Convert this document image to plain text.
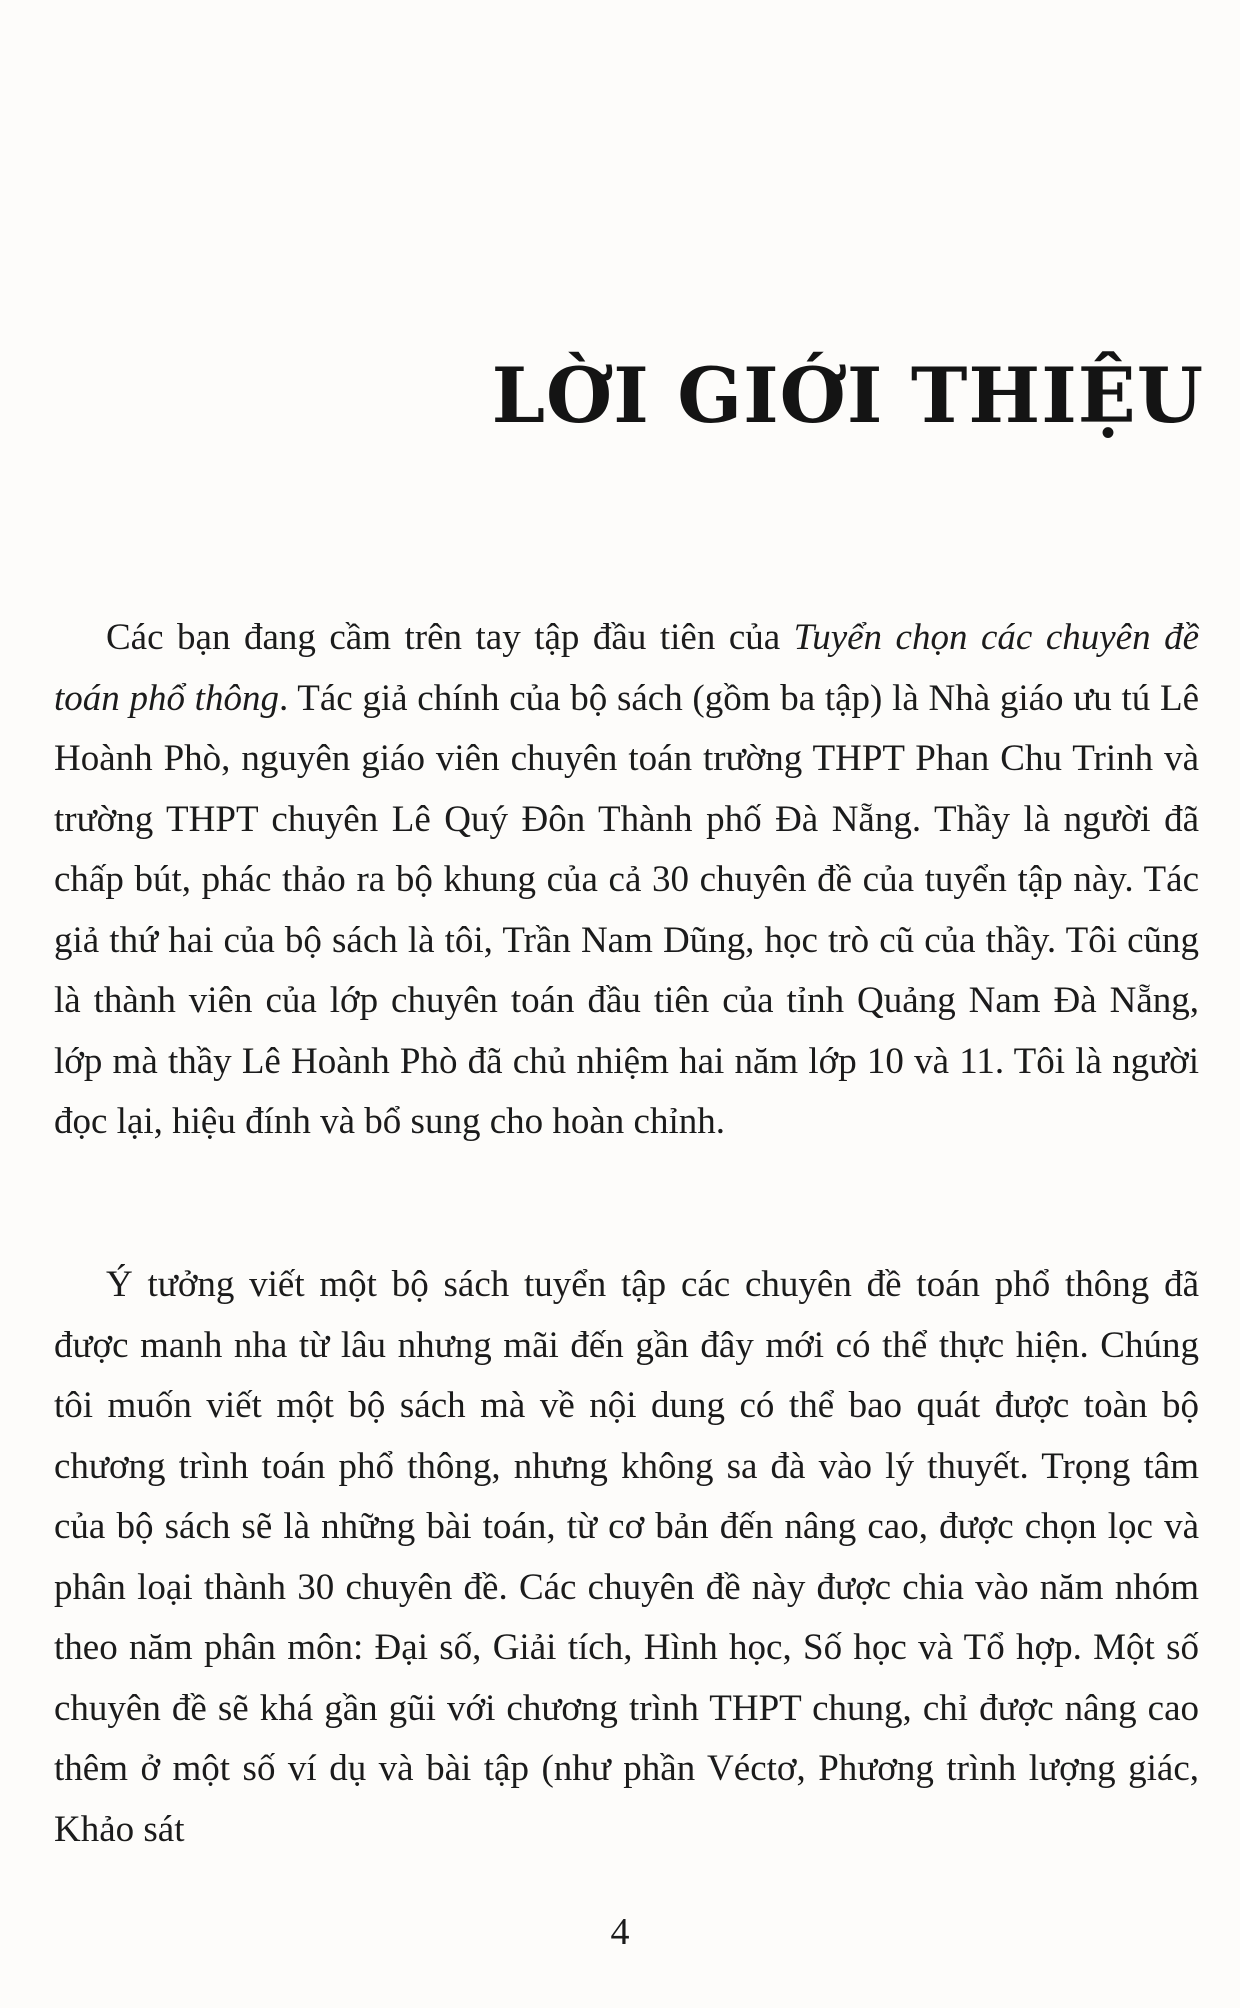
LỜI GIỚI THIỆU

Các bạn đang cầm trên tay tập đầu tiên của Tuyển chọn các chuyên đề toán phổ thông. Tác giả chính của bộ sách (gồm ba tập) là Nhà giáo ưu tú Lê Hoành Phò, nguyên giáo viên chuyên toán trường THPT Phan Chu Trinh và trường THPT chuyên Lê Quý Đôn Thành phố Đà Nẵng. Thầy là người đã chấp bút, phác thảo ra bộ khung của cả 30 chuyên đề của tuyển tập này. Tác giả thứ hai của bộ sách là tôi, Trần Nam Dũng, học trò cũ của thầy. Tôi cũng là thành viên của lớp chuyên toán đầu tiên của tỉnh Quảng Nam Đà Nẵng, lớp mà thầy Lê Hoành Phò đã chủ nhiệm hai năm lớp 10 và 11. Tôi là người đọc lại, hiệu đính và bổ sung cho hoàn chỉnh.

Ý tưởng viết một bộ sách tuyển tập các chuyên đề toán phổ thông đã được manh nha từ lâu nhưng mãi đến gần đây mới có thể thực hiện. Chúng tôi muốn viết một bộ sách mà về nội dung có thể bao quát được toàn bộ chương trình toán phổ thông, nhưng không sa đà vào lý thuyết. Trọng tâm của bộ sách sẽ là những bài toán, từ cơ bản đến nâng cao, được chọn lọc và phân loại thành 30 chuyên đề. Các chuyên đề này được chia vào năm nhóm theo năm phân môn: Đại số, Giải tích, Hình học, Số học và Tổ hợp. Một số chuyên đề sẽ khá gần gũi với chương trình THPT chung, chỉ được nâng cao thêm ở một số ví dụ và bài tập (như phần Véctơ, Phương trình lượng giác, Khảo sát

4
